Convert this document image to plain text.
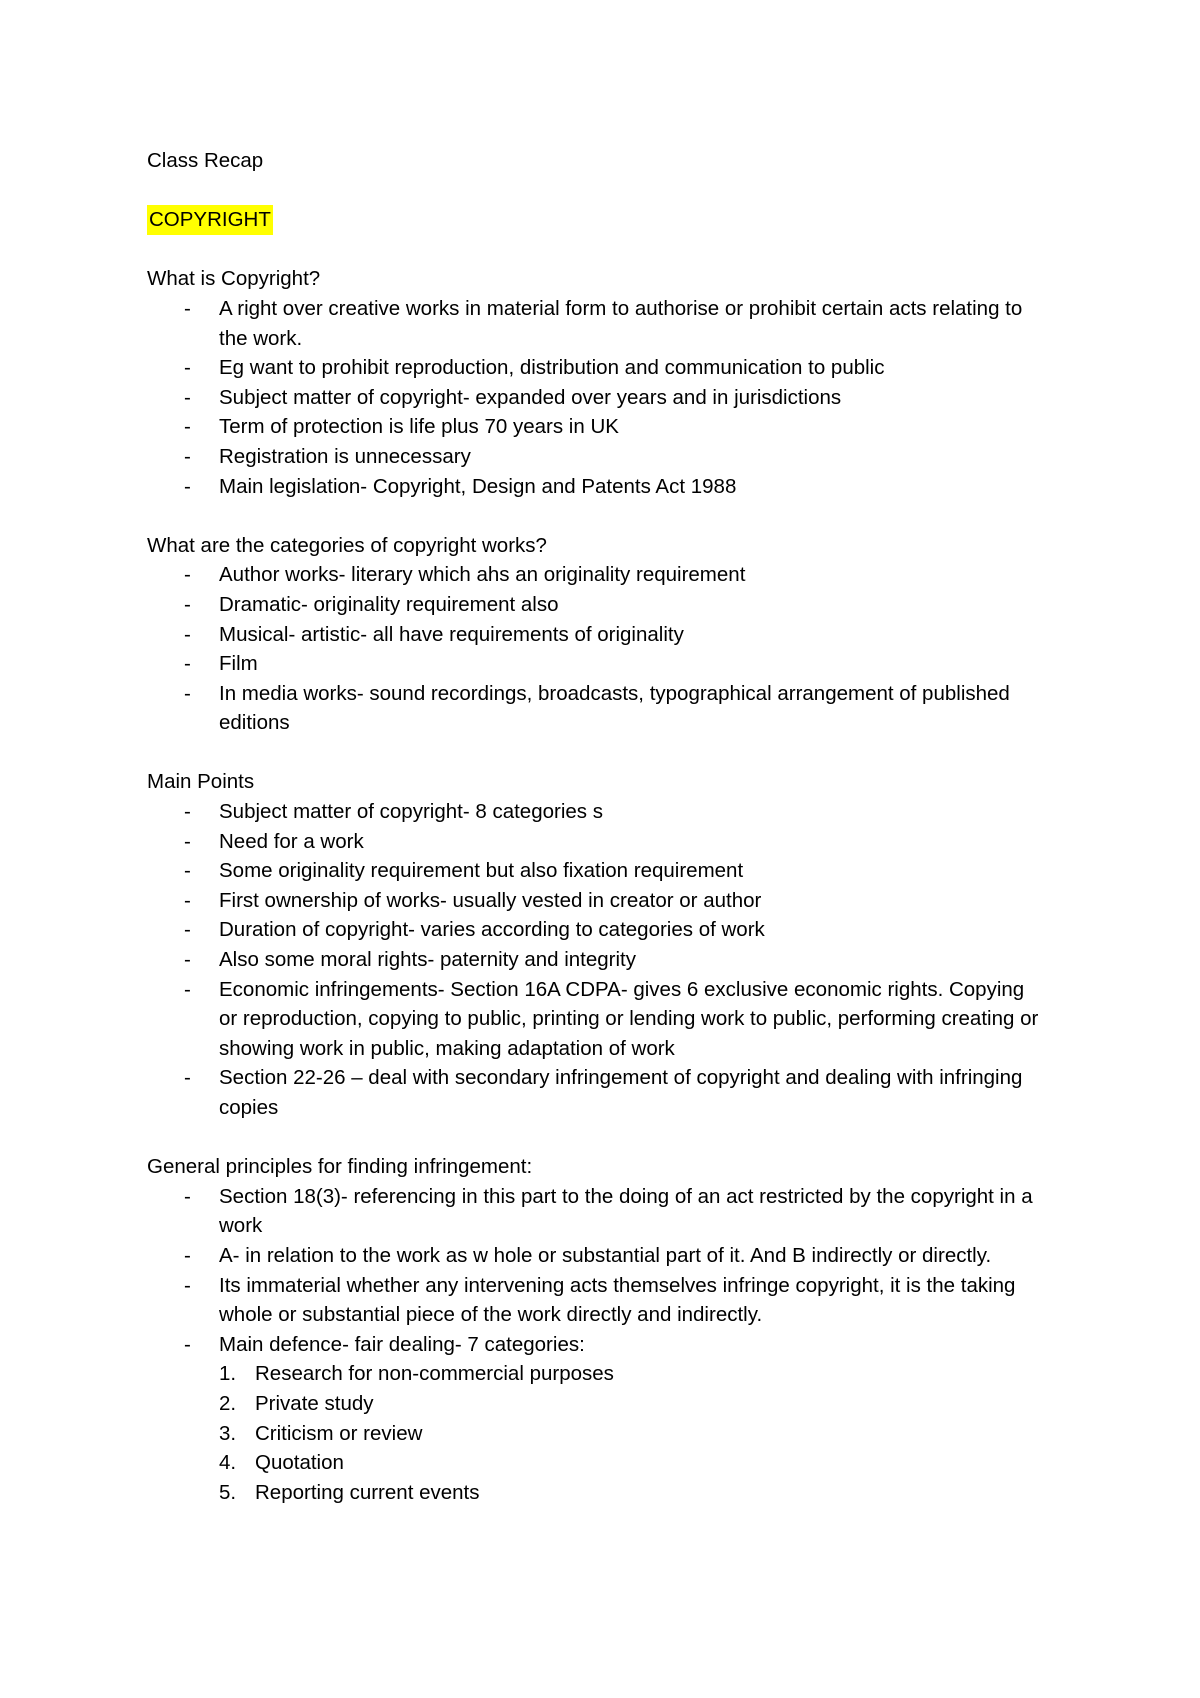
Class Recap

COPYRIGHT

What is Copyright?

- A right over creative works in material form to authorise or prohibit certain acts relating to the work.
- Eg want to prohibit reproduction, distribution and communication to public
- Subject matter of copyright- expanded over years and in jurisdictions
- Term of protection is life plus 70 years in UK
- Registration is unnecessary
- Main legislation- Copyright, Design and Patents Act 1988

What are the categories of copyright works?

- Author works- literary which ahs an originality requirement
- Dramatic- originality requirement also
- Musical- artistic- all have requirements of originality
- Film
- In media works- sound recordings, broadcasts, typographical arrangement of published editions

Main Points

- Subject matter of copyright- 8 categories s
- Need for a work
- Some originality requirement but also fixation requirement
- First ownership of works- usually vested in creator or author
- Duration of copyright- varies according to categories of work
- Also some moral rights- paternity and integrity
- Economic infringements- Section 16A CDPA- gives 6 exclusive economic rights. Copying or reproduction, copying to public, printing or lending work to public, performing creating or showing work in public, making adaptation of work
- Section 22-26 – deal with secondary infringement of copyright and dealing with infringing copies

General principles for finding infringement:

- Section 18(3)- referencing in this part to the doing of an act restricted by the copyright in a work
- A- in relation to the work as w hole or substantial part of it. And B indirectly or directly.
- Its immaterial whether any intervening acts themselves infringe copyright, it is the taking whole or substantial piece of the work directly and indirectly.
- Main defence- fair dealing- 7 categories:
1. Research for non-commercial purposes
2. Private study
3. Criticism or review
4. Quotation
5. Reporting current events
